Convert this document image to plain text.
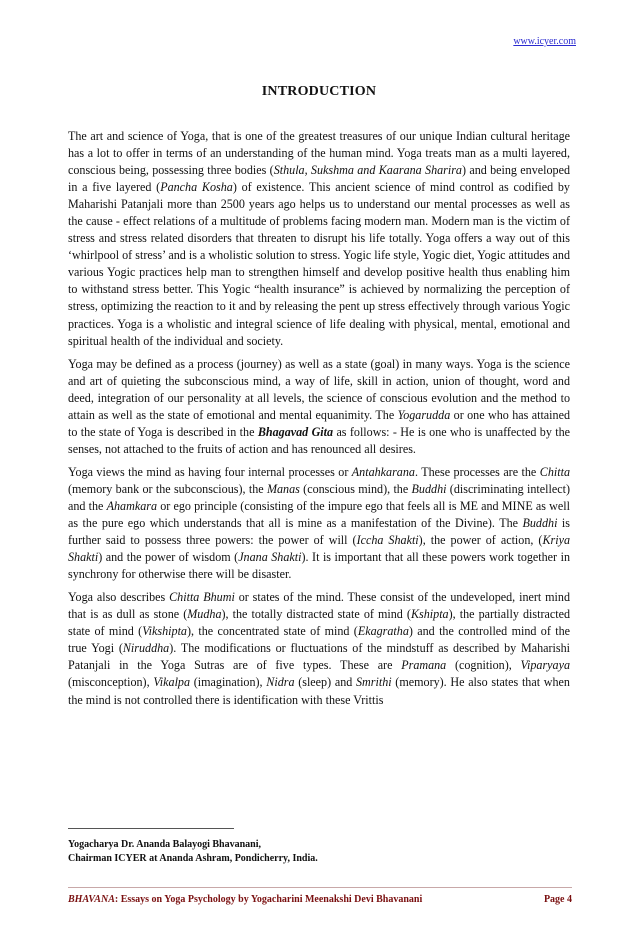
www.icyer.com
INTRODUCTION

The art and science of Yoga, that is one of the greatest treasures of our unique Indian cultural heritage has a lot to offer in terms of an understanding of the human mind. Yoga treats man as a multi layered, conscious being, possessing three bodies (Sthula, Sukshma and Kaarana Sharira) and being enveloped in a five layered (Pancha Kosha) of existence. This ancient science of mind control as codified by Maharishi Patanjali more than 2500 years ago helps us to understand our mental processes as well as the cause - effect relations of a multitude of problems facing modern man. Modern man is the victim of stress and stress related disorders that threaten to disrupt his life totally. Yoga offers a way out of this ‘whirlpool of stress’ and is a wholistic solution to stress. Yogic life style, Yogic diet, Yogic attitudes and various Yogic practices help man to strengthen himself and develop positive health thus enabling him to withstand stress better. This Yogic “health insurance” is achieved by normalizing the perception of stress, optimizing the reaction to it and by releasing the pent up stress effectively through various Yogic practices. Yoga is a wholistic and integral science of life dealing with physical, mental, emotional and spiritual health of the individual and society.

Yoga may be defined as a process (journey) as well as a state (goal) in many ways. Yoga is the science and art of quieting the subconscious mind, a way of life, skill in action, union of thought, word and deed, integration of our personality at all levels, the science of conscious evolution and the method to attain as well as the state of emotional and mental equanimity. The Yogarudda or one who has attained to the state of Yoga is described in the Bhagavad Gita as follows: - He is one who is unaffected by the senses, not attached to the fruits of action and has renounced all desires.

Yoga views the mind as having four internal processes or Antahkarana. These processes are the Chitta (memory bank or the subconscious), the Manas (conscious mind), the Buddhi (discriminating intellect) and the Ahamkara or ego principle (consisting of the impure ego that feels all is ME and MINE as well as the pure ego which understands that all is mine as a manifestation of the Divine). The Buddhi is further said to possess three powers: the power of will (Iccha Shakti), the power of action, (Kriya Shakti) and the power of wisdom (Jnana Shakti). It is important that all these powers work together in synchrony for otherwise there will be disaster.

Yoga also describes Chitta Bhumi or states of the mind. These consist of the undeveloped, inert mind that is as dull as stone (Mudha), the totally distracted state of mind (Kshipta), the partially distracted state of mind (Vikshipta), the concentrated state of mind (Ekagratha) and the controlled mind of the true Yogi (Niruddha). The modifications or fluctuations of the mindstuff as described by Maharishi Patanjali in the Yoga Sutras are of five types. These are Pramana (cognition), Viparyaya (misconception), Vikalpa (imagination), Nidra (sleep) and Smrithi (memory). He also states that when the mind is not controlled there is identification with these Vrittis

Yogacharya Dr. Ananda Balayogi Bhavanani,
Chairman ICYER at Ananda Ashram, Pondicherry, India.
BHAVANA: Essays on Yoga Psychology by Yogacharini Meenakshi Devi Bhavanani	Page 4
